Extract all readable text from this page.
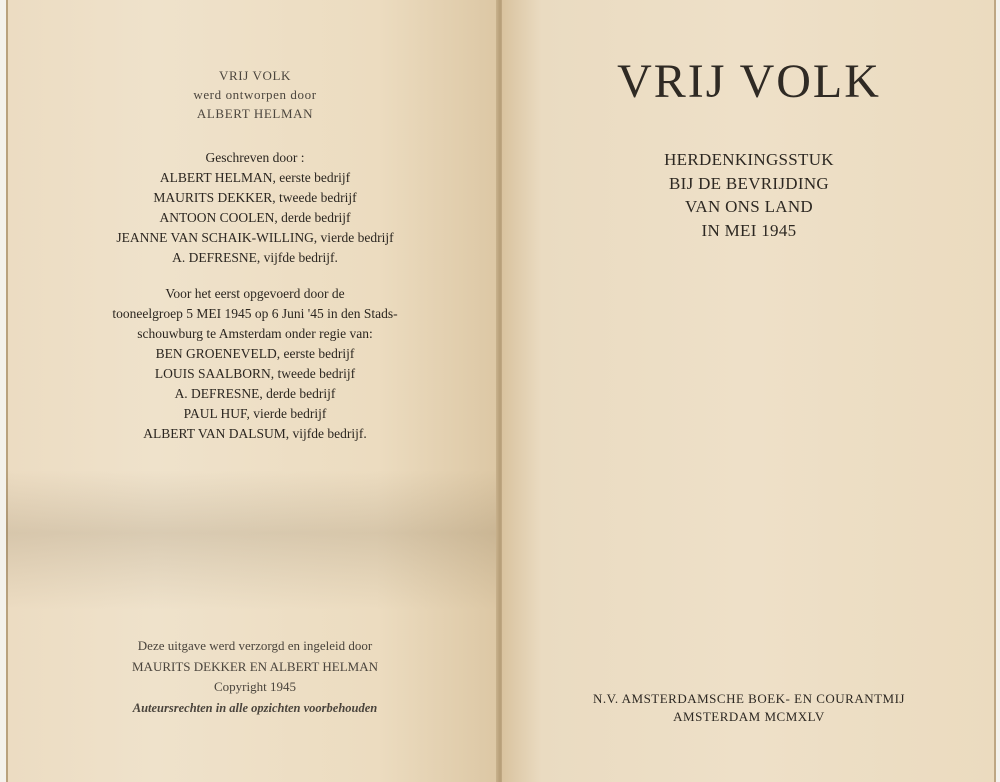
VRIJ VOLK
werd ontworpen door
ALBERT HELMAN
Geschreven door :
ALBERT HELMAN, eerste bedrijf
MAURITS DEKKER, tweede bedrijf
ANTOON COOLEN, derde bedrijf
JEANNE VAN SCHAIK-WILLING, vierde bedrijf
A. DEFRESNE, vijfde bedrijf.
Voor het eerst opgevoerd door de
tooneelgroep 5 MEI 1945 op 6 Juni '45 in den Stads-
schouwburg te Amsterdam onder regie van:
BEN GROENEVELD, eerste bedrijf
LOUIS SAALBORN, tweede bedrijf
A. DEFRESNE, derde bedrijf
PAUL HUF, vierde bedrijf
ALBERT VAN DALSUM, vijfde bedrijf.
Deze uitgave werd verzorgd en ingeleid door
MAURITS DEKKER EN ALBERT HELMAN
Copyright 1945
Auteursrechten in alle opzichten voorbehouden
VRIJ VOLK
HERDENKINGSSTUK
BIJ DE BEVRIJDING
VAN ONS LAND
IN MEI 1945
N.V. AMSTERDAMSCHE BOEK- EN COURANTMIJ
AMSTERDAM MCMXLV
